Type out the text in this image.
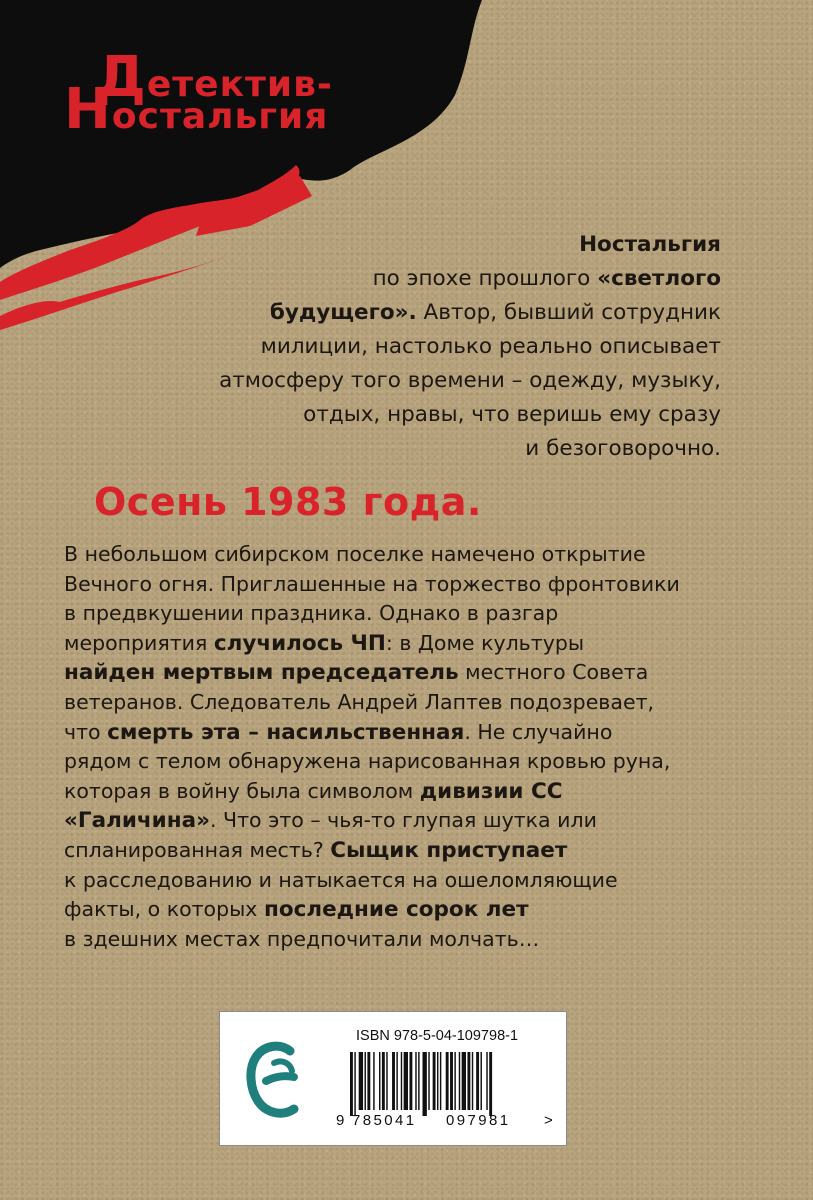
Детектив-
Ностальгия
Ностальгия
по эпохе прошлого «светлого
будущего». Автор, бывший сотрудник
милиции, настолько реально описывает
атмосферу того времени – одежду, музыку,
отдых, нравы, что веришь ему сразу
и безоговорочно.
Осень 1983 года.
В небольшом сибирском поселке намечено открытие
Вечного огня. Приглашенные на торжество фронтовики
в предвкушении праздника. Однако в разгар
мероприятия случилось ЧП: в Доме культуры
найден мертвым председатель местного Совета
ветеранов. Следователь Андрей Лаптев подозревает,
что смерть эта – насильственная. Не случайно
рядом с телом обнаружена нарисованная кровью руна,
которая в войну была символом дивизии СС
«Галичина». Что это – чья-то глупая шутка или
спланированная месть? Сыщик приступает
к расследованию и натыкается на ошеломляющие
факты, о которых последние сорок лет
в здешних местах предпочитали молчать…
ISBN 978-5-04-109798-1
9 785041 097981 >
